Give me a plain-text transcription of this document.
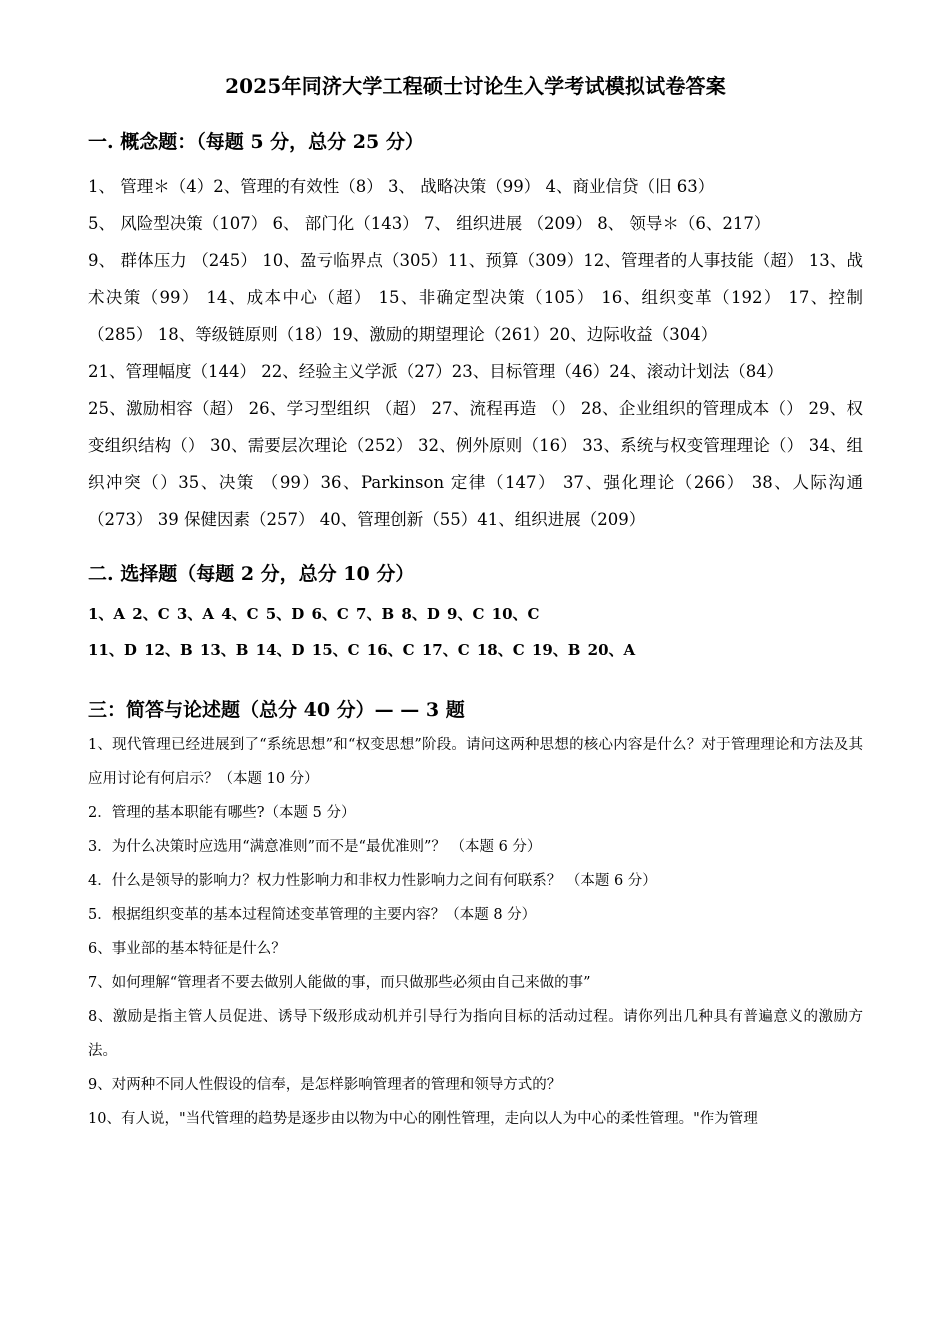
2025年同济大学工程硕士讨论生入学考试模拟试卷答案
一. 概念题：（每题 5 分，总分 25 分）

1、 管理＊（4）2、管理的有效性（8） 3、 战略决策（99） 4、商业信贷（旧 63）

5、 风险型决策（107） 6、 部门化（143） 7、 组织进展 （209） 8、 领导＊（6、217）

9、 群体压力 （245） 10、盈亏临界点（305）11、预算（309）12、管理者的人事技能（超） 13、战术决策（99） 14、成本中心（超） 15、非确定型决策（105） 16、组织变革（192） 17、控制 （285） 18、等级链原则（18）19、激励的期望理论（261）20、边际收益（304）

21、管理幅度（144） 22、经验主义学派（27）23、目标管理（46）24、滚动计划法（84）

25、激励相容（超） 26、学习型组织 （超） 27、流程再造 （） 28、企业组织的管理成本（） 29、权变组织结构（） 30、需要层次理论（252） 32、例外原则（16） 33、系统与权变管理理论（） 34、组织冲突（）35、决策 （99）36、Parkinson 定律（147） 37、强化理论（266） 38、人际沟通（273） 39 保健因素（257） 40、管理创新（55）41、组织进展（209）

二. 选择题（每题 2 分，总分 10 分）

1、A 2、C 3、A 4、C 5、D 6、C 7、B 8、D 9、C 10、C

11、D 12、B 13、B 14、D 15、C 16、C 17、C 18、C 19、B 20、A

三：简答与论述题（总分 40 分）— — 3 题

1、现代管理已经进展到了“系统思想”和“权变思想”阶段。请问这两种思想的核心内容是什么？对于管理理论和方法及其应用讨论有何启示？（本题 10 分）

2．管理的基本职能有哪些?（本题 5 分）

3．为什么决策时应选用“满意准则”而不是“最优准则”？ （本题 6 分）

4．什么是领导的影响力？权力性影响力和非权力性影响力之间有何联系？ （本题 6 分）

5．根据组织变革的基本过程简述变革管理的主要内容？（本题 8 分）

6、事业部的基本特征是什么？

7、如何理解“管理者不要去做别人能做的事，而只做那些必须由自己来做的事”

8、激励是指主管人员促进、诱导下级形成动机并引导行为指向目标的活动过程。请你列出几种具有普遍意义的激励方法。

9、对两种不同人性假设的信奉，是怎样影响管理者的管理和领导方式的？

10、有人说，"当代管理的趋势是逐步由以物为中心的刚性管理，走向以人为中心的柔性管理。"作为管理
